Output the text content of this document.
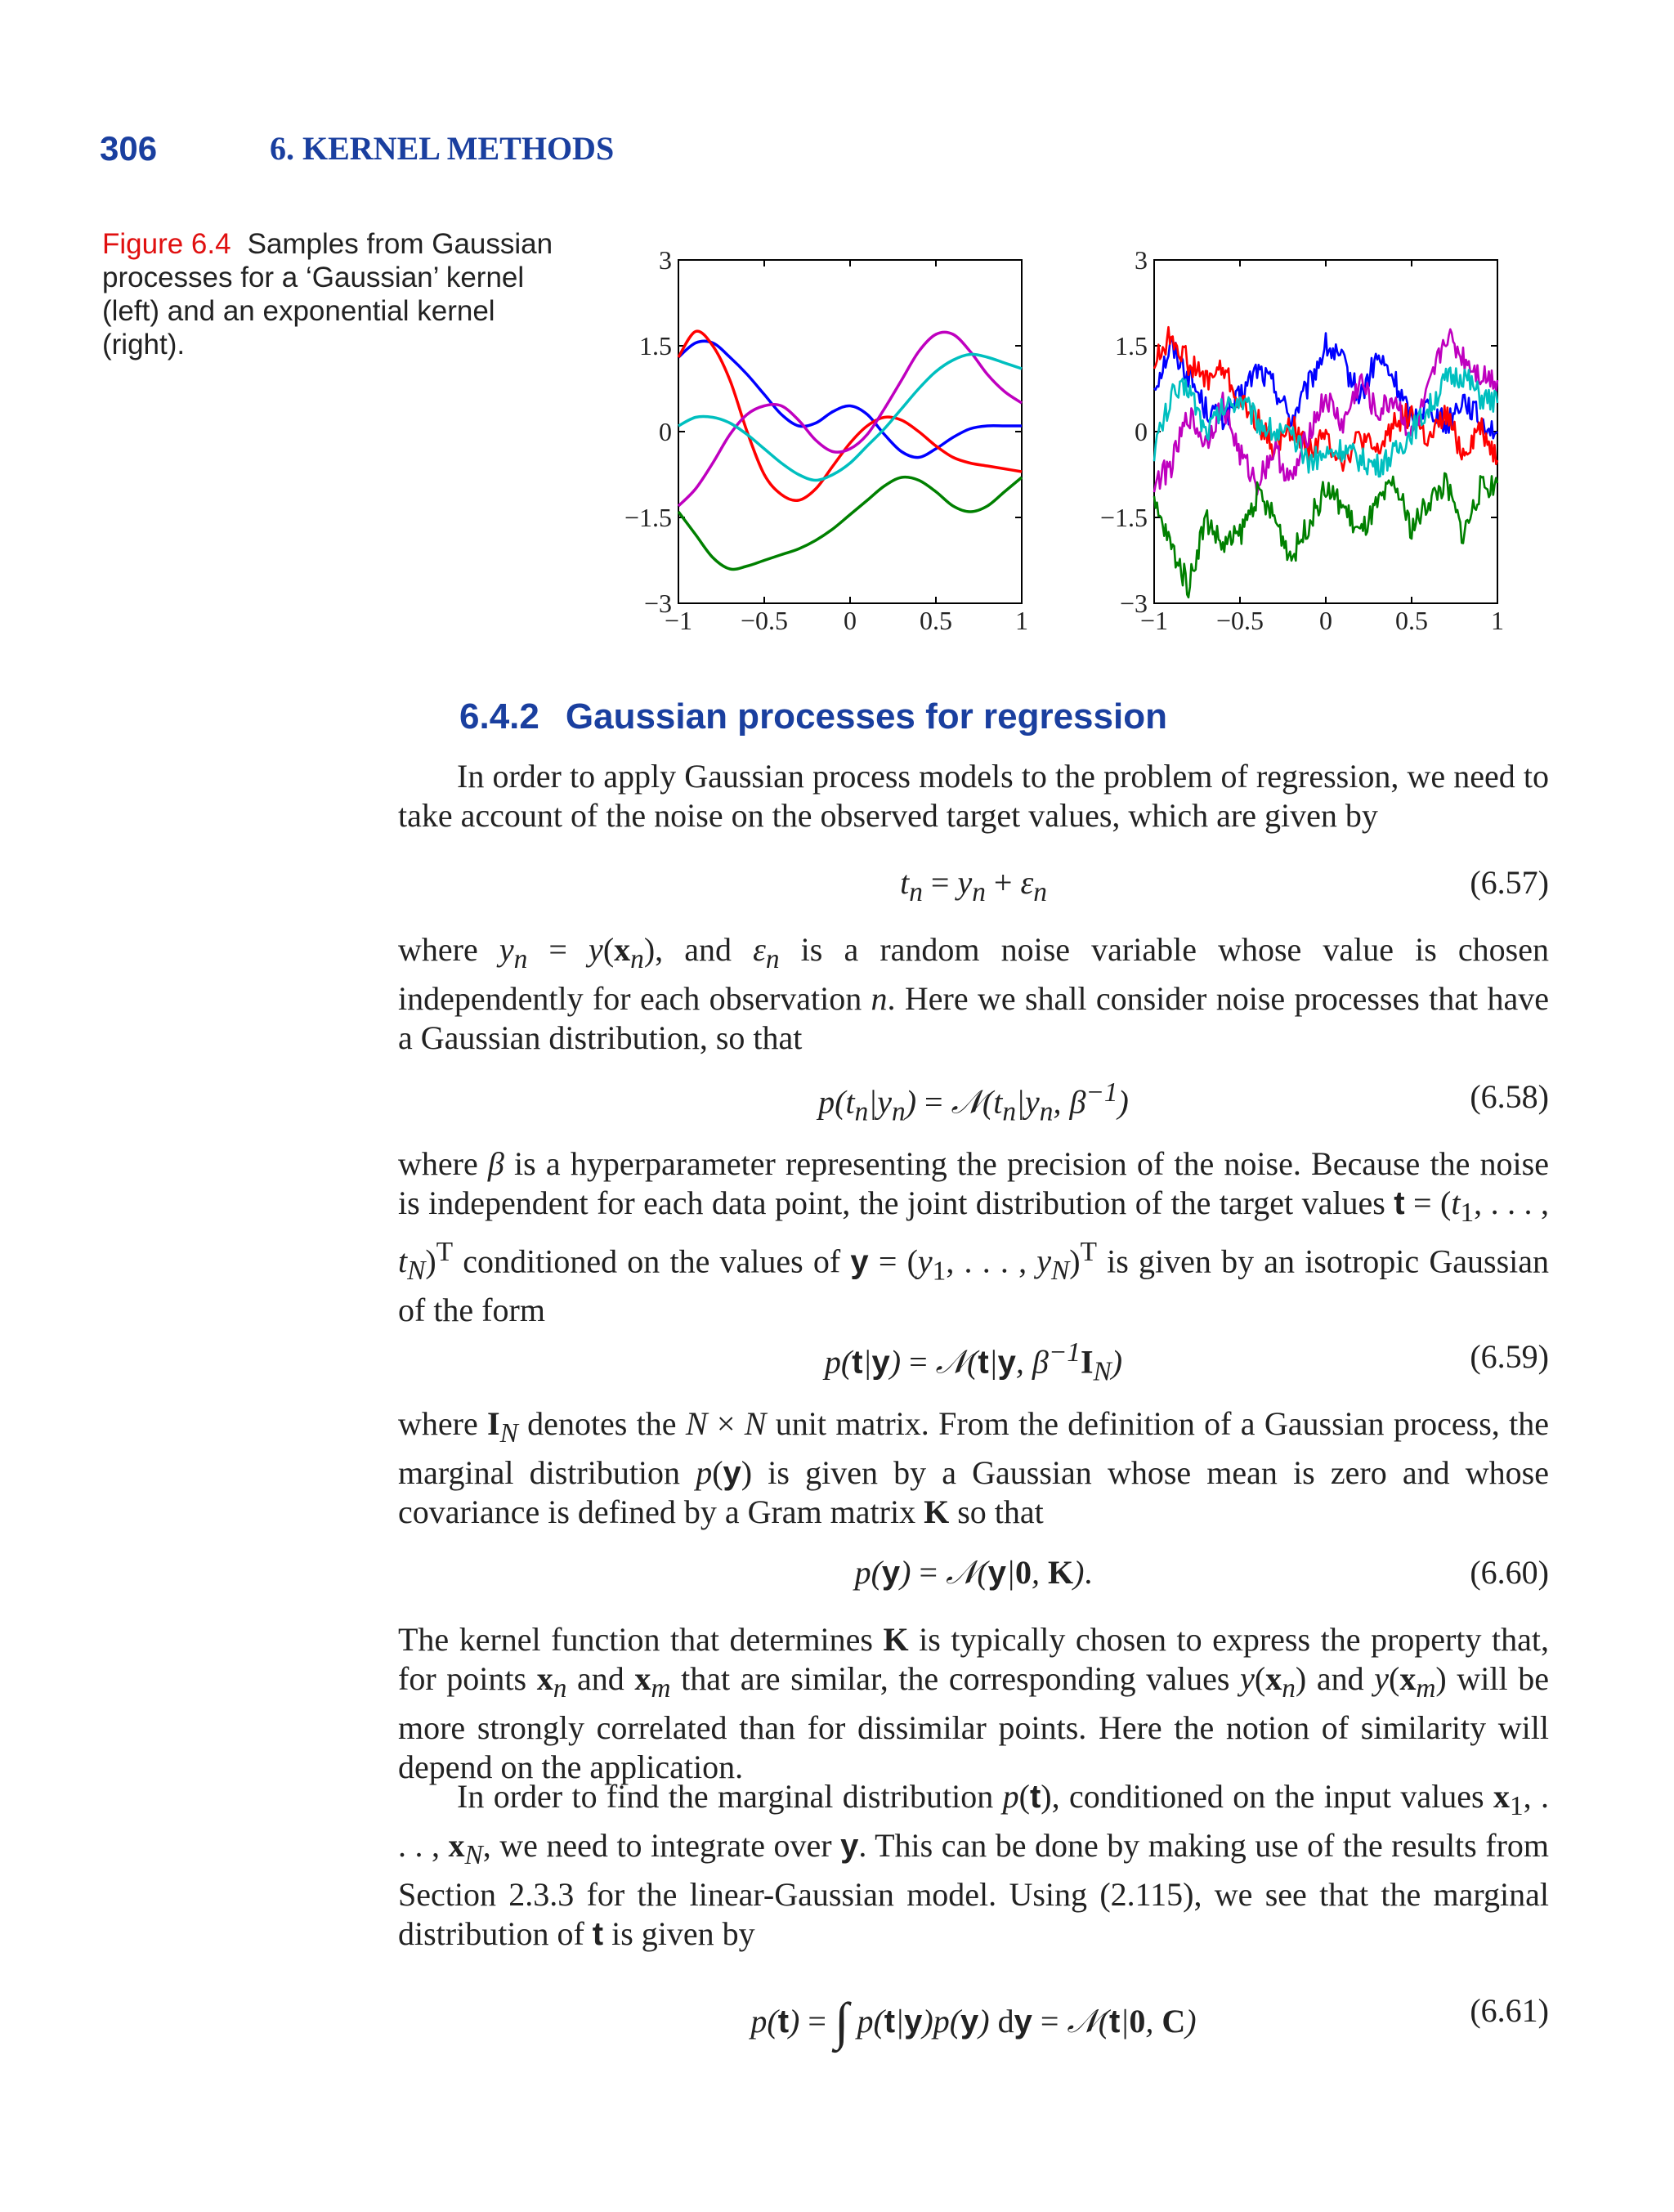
306	6. KERNEL METHODS
Figure 6.4 Samples from Gaussian processes for a ‘Gaussian’ kernel (left) and an exponential kernel (right).
3
1.5
0
−1.5
−3
−1 −0.5 0 0.5 1
3
1.5
0
−1.5
−3
−1 −0.5 0 0.5 1
6.4.2 Gaussian processes for regression
In order to apply Gaussian process models to the problem of regression, we need to take account of the noise on the observed target values, which are given by
$t_n = y_n + \varepsilon_n$	(6.57)
where $y_n = y(x_n)$, and $\varepsilon_n$ is a random noise variable whose value is chosen independently for each observation n. Here we shall consider noise processes that have a Gaussian distribution, so that
$p(t_n|y_n)$ = $𝒩(t_n|y_n$, $\beta^{-1}$)	(6.58)
where β is a hyperparameter representing the precision of the noise. Because the noise is independent for each data point, the joint distribution of the target values $t = (t_1$, . . . , $t_N)^T$ conditioned on the values of $y = (y_1$, . . . , $y_N)^T$ is given by an isotropic Gaussian of the form
p(t|y) = 𝒩(t|y, $\beta^{-1}I_N$)	(6.59)
where $I_N$ denotes the N × N unit matrix. From the definition of a Gaussian process, the marginal distribution p(y) is given by a Gaussian whose mean is zero and whose covariance is defined by a Gram matrix K so that
p(y) = 𝒩(y|0, K).	(6.60)
The kernel function that determines K is typically chosen to express the property that, for points $x_n$ and $x_m$ that are similar, the corresponding values $y(x_n)$ and $y(x_m)$ will be more strongly correlated than for dissimilar points. Here the notion of similarity will depend on the application.
In order to find the marginal distribution p(t), conditioned on the input values $x_1$, . . . , $x_N$, we need to integrate over y. This can be done by making use of the results from Section 2.3.3 for the linear-Gaussian model. Using (2.115), we see that the marginal distribution of t is given by
p(t) = ∫ p(t|y)p(y) dy = 𝒩(t|0, C)	(6.61)
